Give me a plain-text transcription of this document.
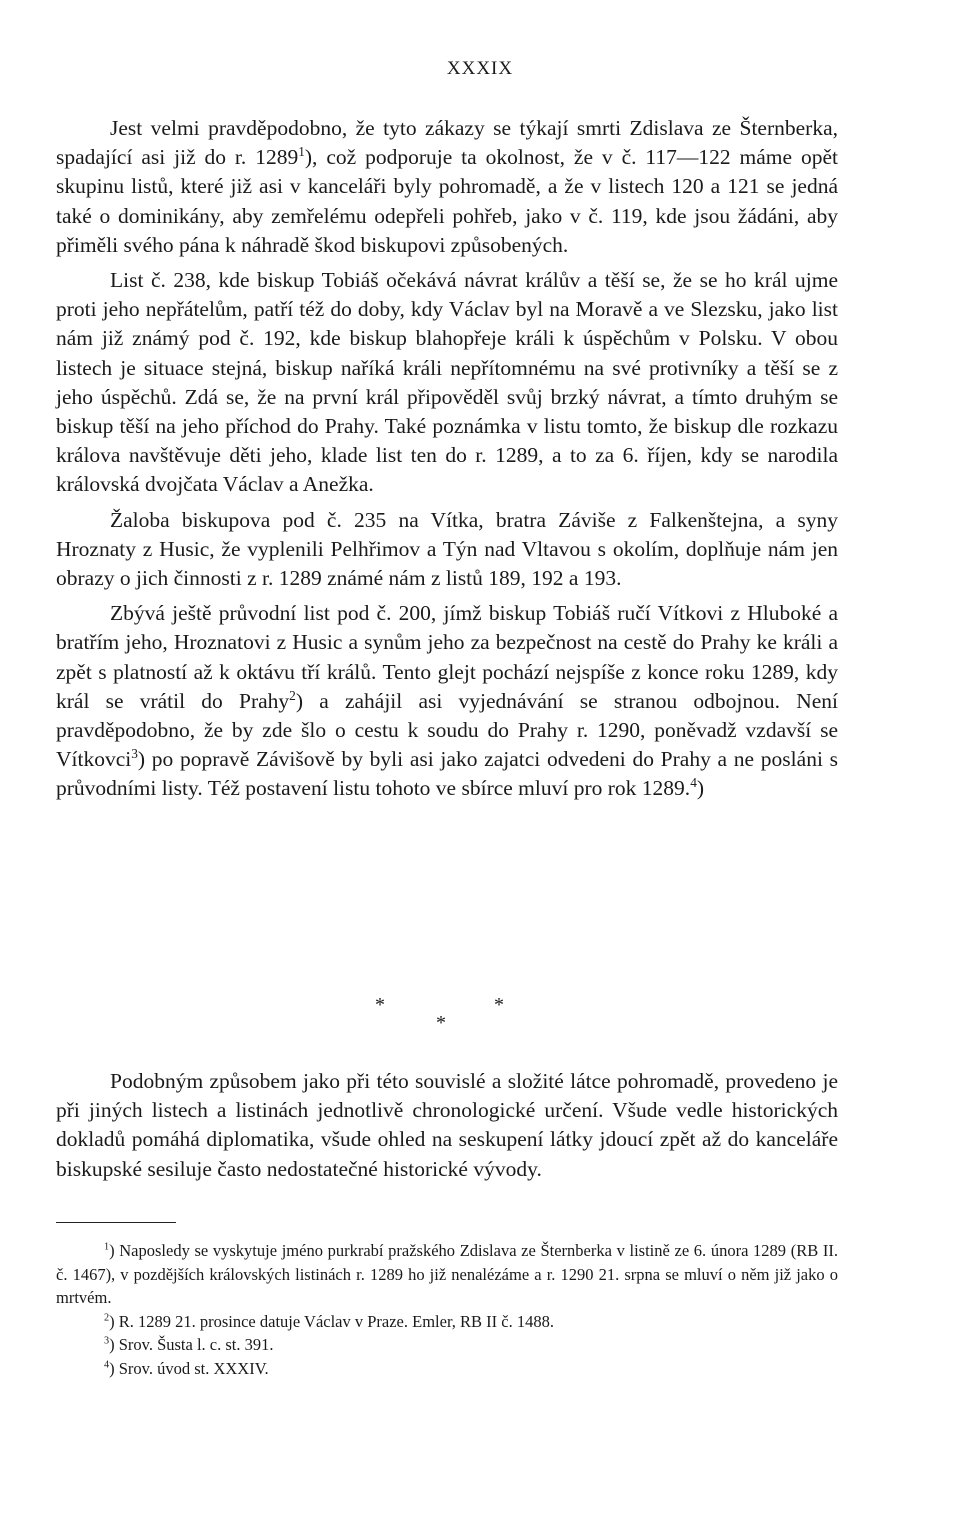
XXXIX

Jest velmi pravděpodobno, že tyto zákazy se týkají smrti Zdislava ze Šternberka, spadající asi již do r. 1289$^1$), což podporuje ta okolnost, že v č. 117—122 máme opět skupinu listů, které již asi v kanceláři byly pohromadě, a že v listech 120 a 121 se jedná také o dominikány, aby zemřelému odepřeli pohřeb, jako v č. 119, kde jsou žádáni, aby přiměli svého pána k náhradě škod biskupovi způsobených.

List č. 238, kde biskup Tobiáš očekává návrat králův a těší se, že se ho král ujme proti jeho nepřátelům, patří též do doby, kdy Václav byl na Moravě a ve Slezsku, jako list nám již známý pod č. 192, kde biskup blahopřeje králi k úspěchům v Polsku. V obou listech je situace stejná, biskup naříká králi nepřítomnému na své protivníky a těší se z jeho úspěchů. Zdá se, že na první král připověděl svůj brzký návrat, a tímto druhým se biskup těší na jeho příchod do Prahy. Také poznámka v listu tomto, že biskup dle rozkazu králova navštěvuje děti jeho, klade list ten do r. 1289, a to za 6. říjen, kdy se narodila královská dvojčata Václav a Anežka.

Žaloba biskupova pod č. 235 na Vítka, bratra Záviše z Falkenštejna, a syny Hroznaty z Husic, že vyplenili Pelhřimov a Týn nad Vltavou s okolím, doplňuje nám jen obrazy o jich činnosti z r. 1289 známé nám z listů 189, 192 a 193.

Zbývá ještě průvodní list pod č. 200, jímž biskup Tobiáš ručí Vítkovi z Hluboké a bratřím jeho, Hroznatovi z Husic a synům jeho za bezpečnost na cestě do Prahy ke králi a zpět s platností až k oktávu tří králů. Tento glejt pochází nejspíše z konce roku 1289, kdy král se vrátil do Prahy$^2$) a zahájil asi vyjednávání se stranou odbojnou. Není pravděpodobno, že by zde šlo o cestu k soudu do Prahy r. 1290, poněvadž vzdavší se Vítkovci$^3$) po popravě Závišově by byli asi jako zajatci odvedeni do Prahy a ne posláni s průvodními listy. Též postavení listu tohoto ve sbírce mluví pro rok 1289.$^4$)

*
*
*

Podobným způsobem jako při této souvislé a složité látce pohromadě, provedeno je při jiných listech a listinách jednotlivě chronologické určení. Všude vedle historických dokladů pomáhá diplomatika, všude ohled na seskupení látky jdoucí zpět až do kanceláře biskupské sesiluje často nedostatečné historické vývody.

$^1$) Naposledy se vyskytuje jméno purkrabí pražského Zdislava ze Šternberka v listině ze 6. února 1289 (RB II. č. 1467), v pozdějších královských listinách r. 1289 ho již nenalézáme a r. 1290 21. srpna se mluví o něm již jako o mrtvém.

$^2$) R. 1289 21. prosince datuje Václav v Praze. Emler, RB II č. 1488.

$^3$) Srov. Šusta l. c. st. 391.

$^4$) Srov. úvod st. XXXIV.
